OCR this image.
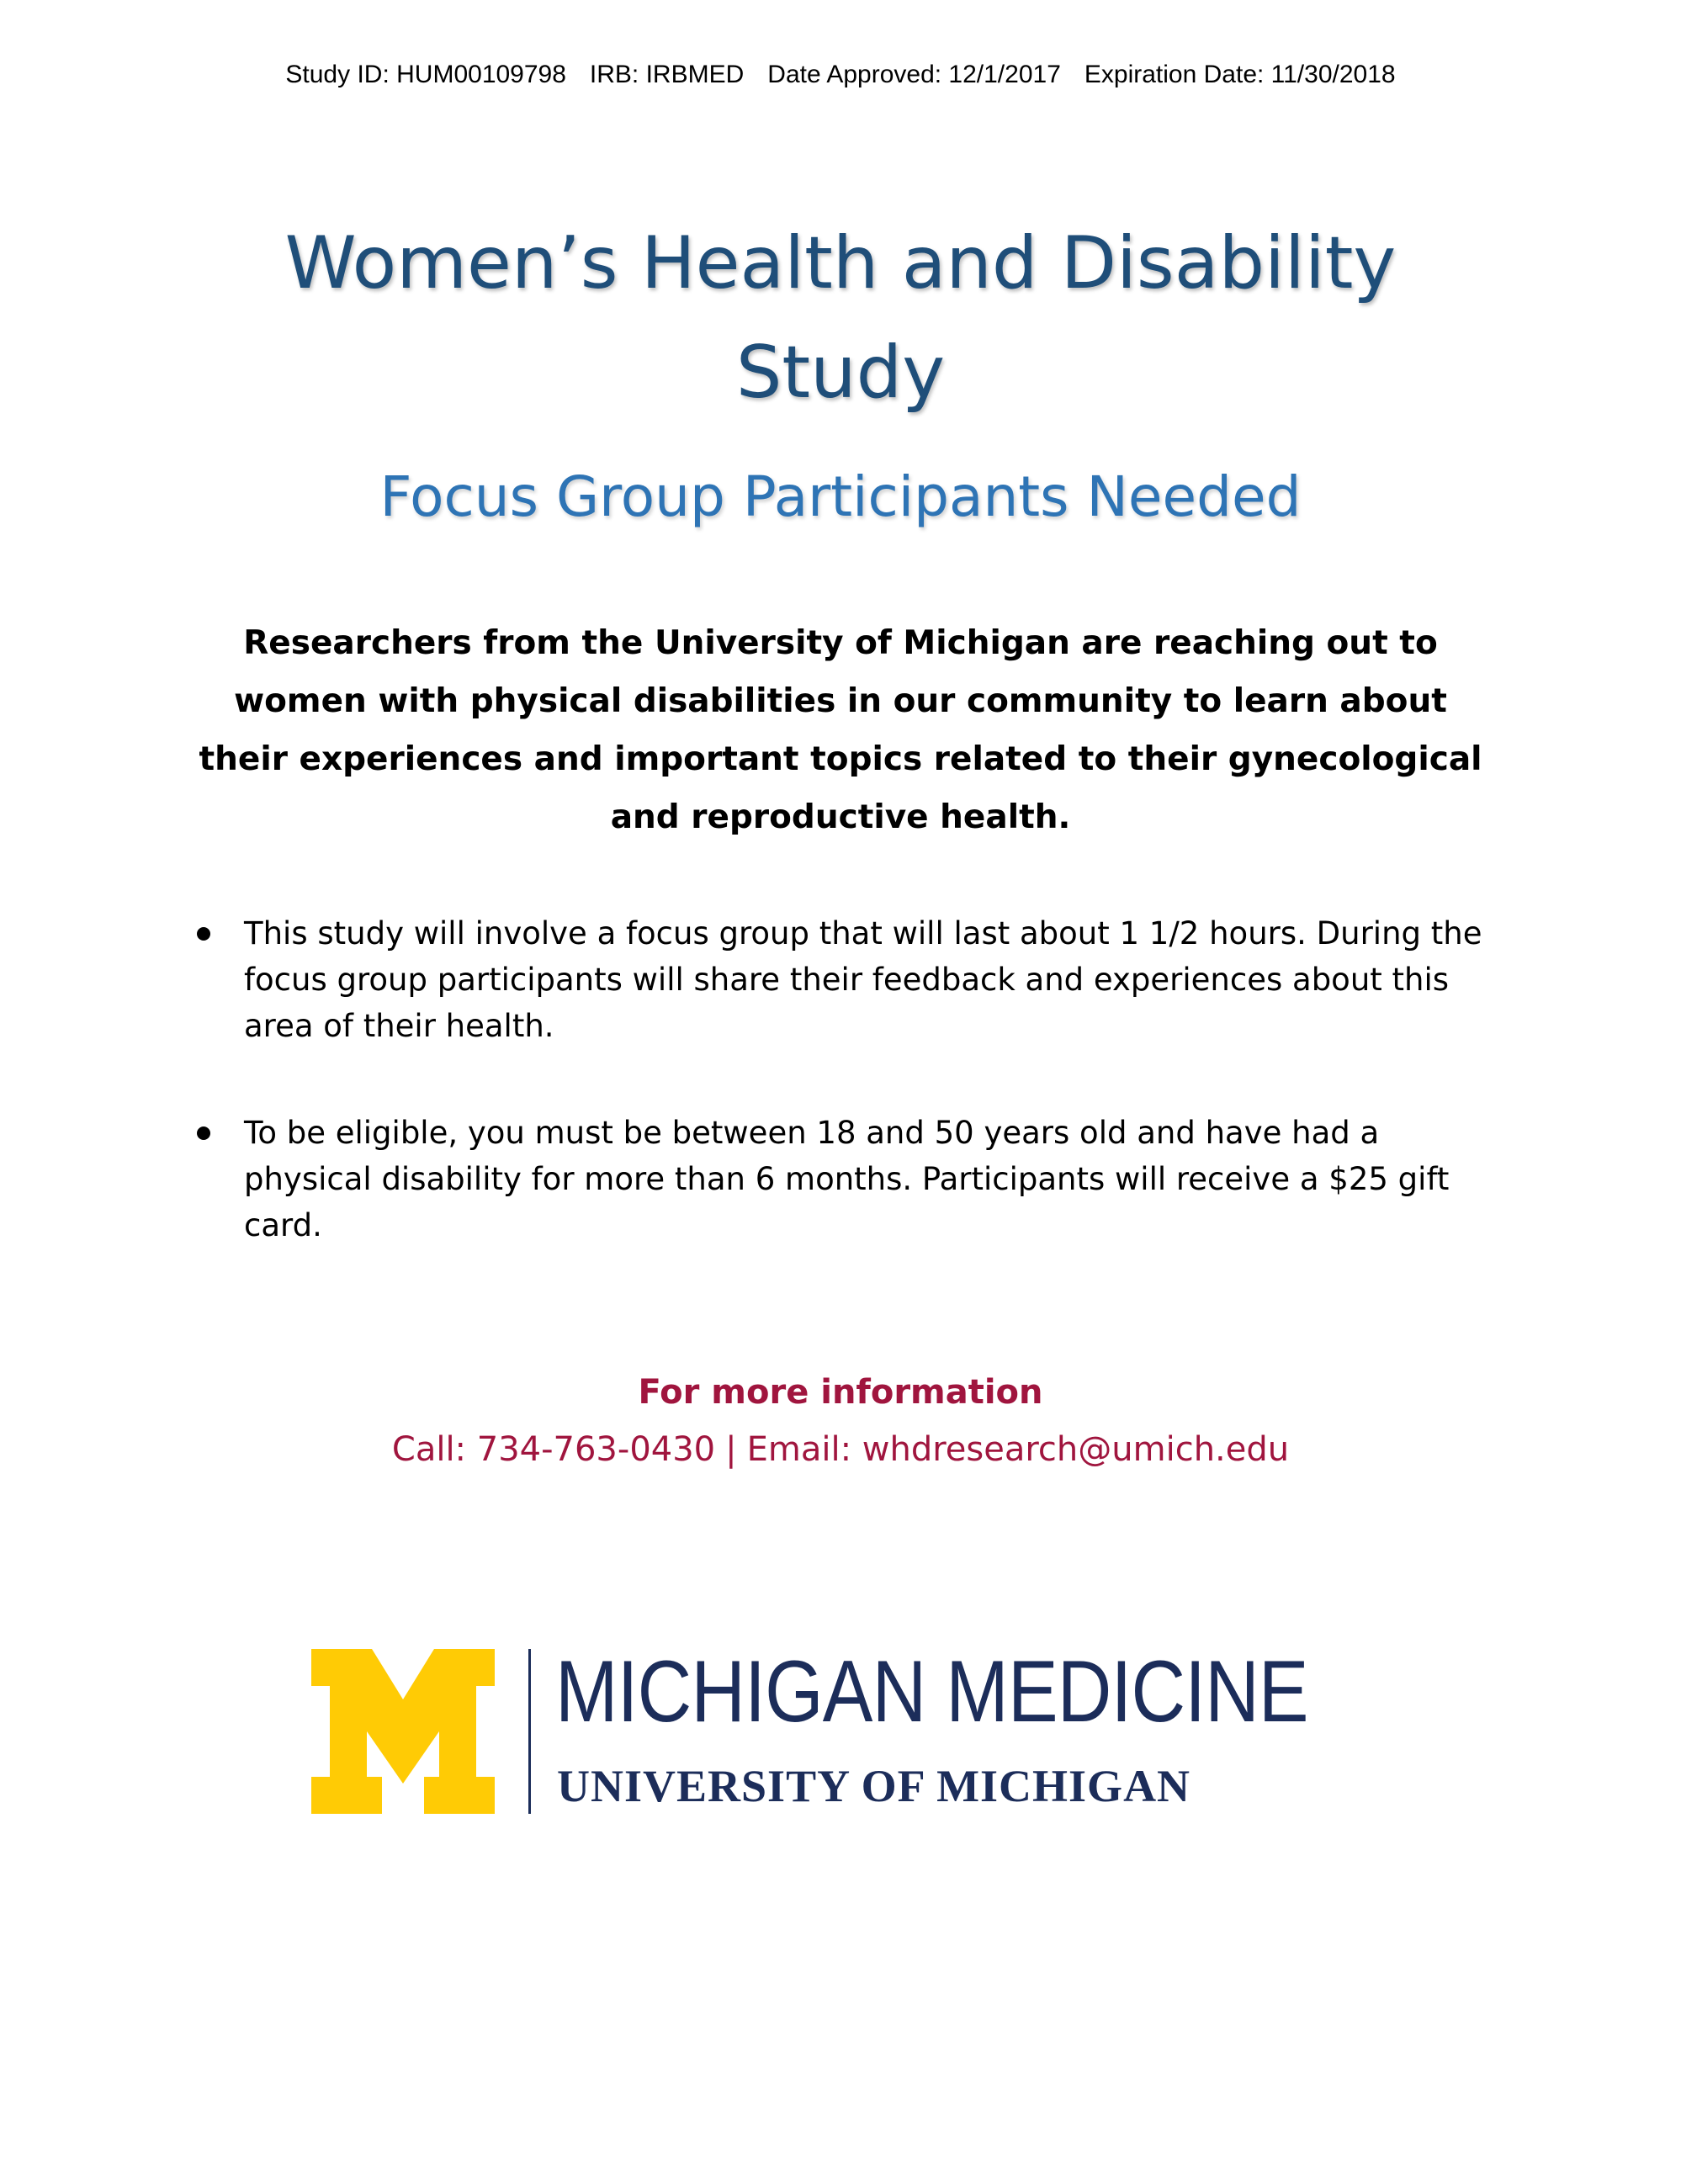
Study ID: HUM00109798 IRB: IRBMED Date Approved: 12/1/2017 Expiration Date: 11/30/2018
Women’s Health and Disability
Study
Focus Group Participants Needed
Researchers from the University of Michigan are reaching out to
women with physical disabilities in our community to learn about
their experiences and important topics related to their gynecological
and reproductive health.
This study will involve a focus group that will last about 1 1/2 hours. During the
focus group participants will share their feedback and experiences about this
area of their health.
To be eligible, you must be between 18 and 50 years old and have had a
physical disability for more than 6 months. Participants will receive a $25 gift
card.
For more information
Call: 734-763-0430 | Email: whdresearch@umich.edu
MICHIGAN MEDICINE
UNIVERSITY OF MICHIGAN
